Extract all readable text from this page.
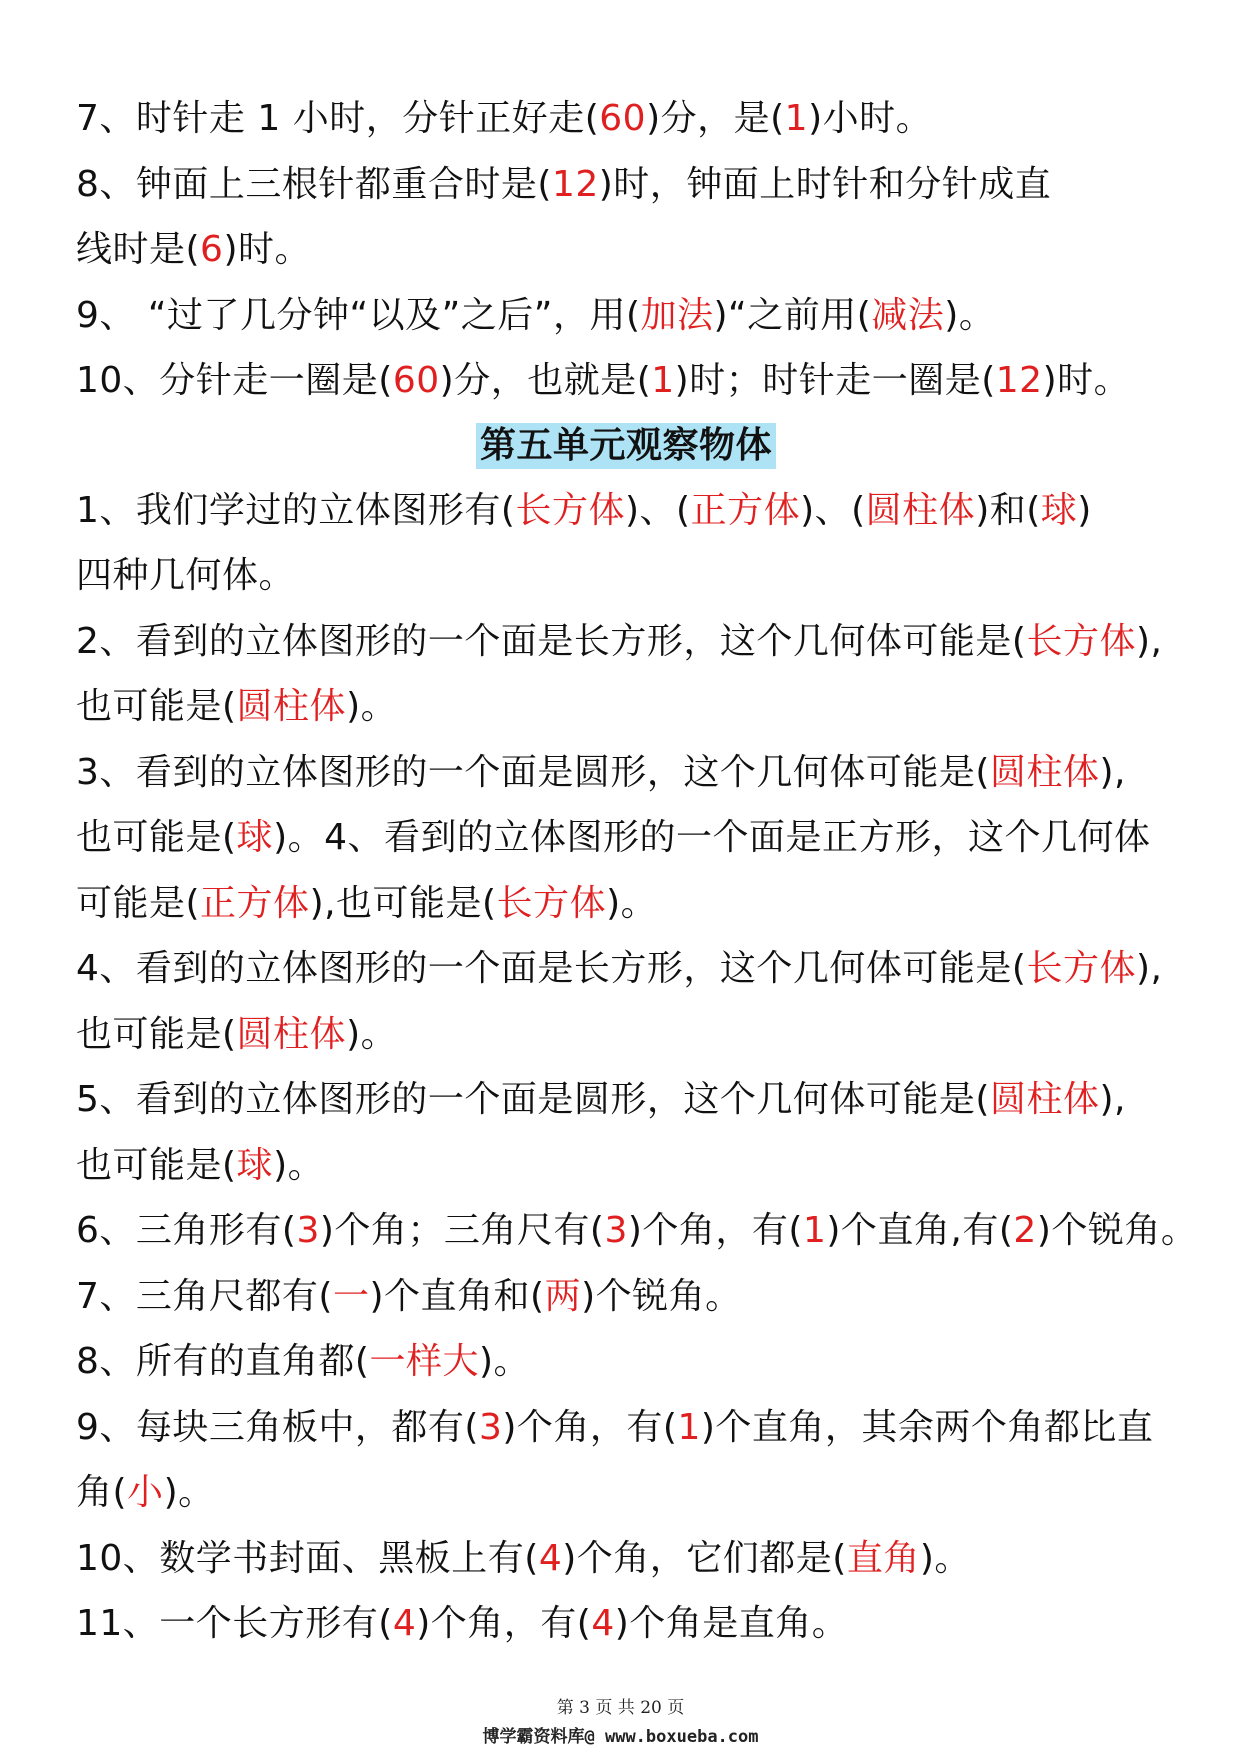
7、时针走 1 小时，分针正好走(60)分，是(1)小时。
8、钟面上三根针都重合时是(12)时，钟面上时针和分针成直
线时是(6)时。
9、 “过了几分钟“以及”之后”，用(加法)“之前用(减法)。
10、分针走一圈是(60)分，也就是(1)时；时针走一圈是(12)时。
第五单元观察物体
1、我们学过的立体图形有(长方体)、(正方体)、(圆柱体)和(球)
四种几何体。
2、看到的立体图形的一个面是长方形，这个几何体可能是(长方体),
也可能是(圆柱体)。
3、看到的立体图形的一个面是圆形，这个几何体可能是(圆柱体),
也可能是(球)。4、看到的立体图形的一个面是正方形，这个几何体
可能是(正方体),也可能是(长方体)。
4、看到的立体图形的一个面是长方形，这个几何体可能是(长方体),
也可能是(圆柱体)。
5、看到的立体图形的一个面是圆形，这个几何体可能是(圆柱体),
也可能是(球)。
6、三角形有(3)个角；三角尺有(3)个角，有(1)个直角,有(2)个锐角。
7、三角尺都有(一)个直角和(两)个锐角。
8、所有的直角都(一样大)。
9、每块三角板中，都有(3)个角，有(1)个直角，其余两个角都比直
角(小)。
10、数学书封面、黑板上有(4)个角，它们都是(直角)。
11、一个长方形有(4)个角，有(4)个角是直角。
第 3 页 共 20 页
博学霸资料库@ www.boxueba.com
